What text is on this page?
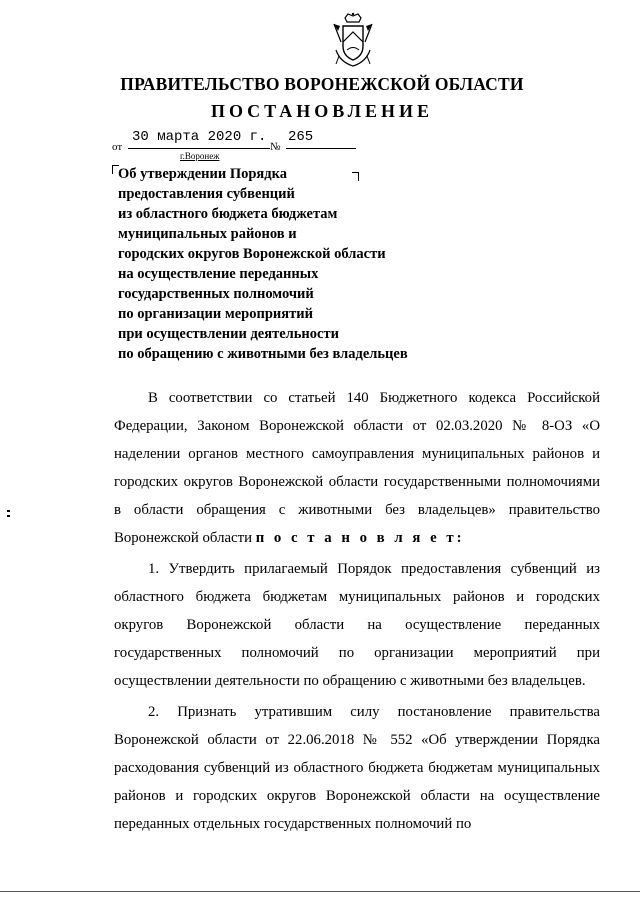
ПРАВИТЕЛЬСТВО ВОРОНЕЖСКОЙ ОБЛАСТИ
ПОСТАНОВЛЕНИЕ
от
30 марта 2020 г.
№
265
г.Воронеж
Об утверждении Порядка
предоставления субвенций
из областного бюджета бюджетам
муниципальных районов и
городских округов Воронежской области
на осуществление переданных
государственных полномочий
по организации мероприятий
при осуществлении деятельности
по обращению с животными без владельцев

В соответствии со статьей 140 Бюджетного кодекса Российской Федерации, Законом Воронежской области от 02.03.2020 № 8-ОЗ «О наделении органов местного самоуправления муниципальных районов и городских округов Воронежской области государственными полномочиями в области обращения с животными без владельцев» правительство Воронежской области п о с т а н о в л я е т:

1. Утвердить прилагаемый Порядок предоставления субвенций из областного бюджета бюджетам муниципальных районов и городских округов Воронежской области на осуществление переданных государственных полномочий по организации мероприятий при осуществлении деятельности по обращению с животными без владельцев.

2. Признать утратившим силу постановление правительства Воронежской области от 22.06.2018 № 552 «Об утверждении Порядка расходования субвенций из областного бюджета бюджетам муниципальных районов и городских округов Воронежской области на осуществление переданных отдельных государственных полномочий по
